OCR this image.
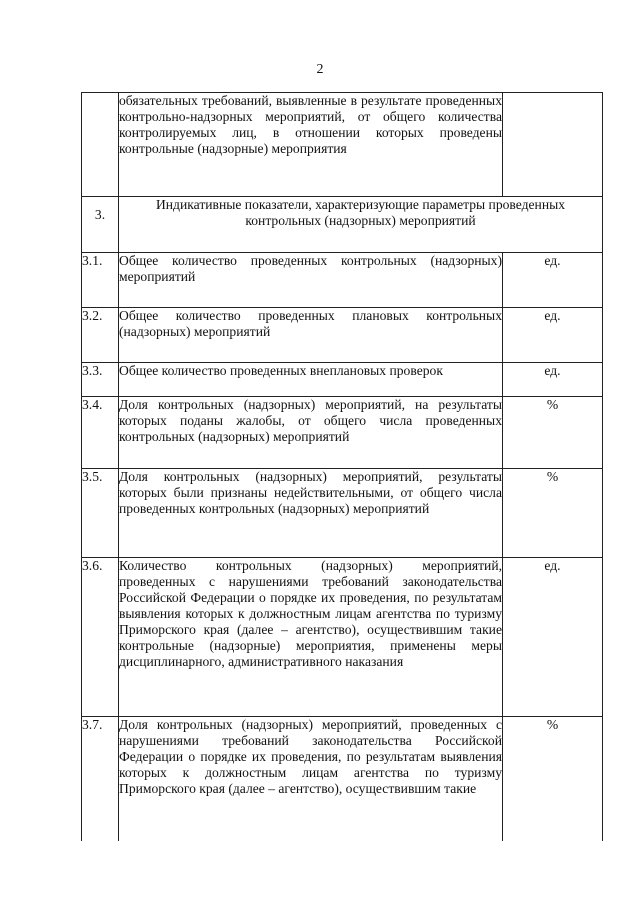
2
	обязательных требований, выявленные в результате проведенных контрольно-надзорных мероприятий, от общего количества контролируемых лиц, в отношении которых проведены контрольные (надзорные) мероприятия	
3.	Индикативные показатели, характеризующие параметры проведенных контрольных (надзорных) мероприятий	
3.1.	Общее количество проведенных контрольных (надзорных) мероприятий	ед.
3.2.	Общее количество проведенных плановых контрольных (надзорных) мероприятий	ед.
3.3.	Общее количество проведенных внеплановых проверок	ед.
3.4.	Доля контрольных (надзорных) мероприятий, на результаты которых поданы жалобы, от общего числа проведенных контрольных (надзорных) мероприятий	%
3.5.	Доля контрольных (надзорных) мероприятий, результаты которых были признаны недействительными, от общего числа проведенных контрольных (надзорных) мероприятий	%
3.6.	Количество контрольных (надзорных) мероприятий, проведенных с нарушениями требований законодательства Российской Федерации о порядке их проведения, по результатам выявления которых к должностным лицам агентства по туризму Приморского края (далее – агентство), осуществившим такие контрольные (надзорные) мероприятия, применены меры дисциплинарного, административного наказания	ед.
3.7.	Доля контрольных (надзорных) мероприятий, проведенных с нарушениями требований законодательства Российской Федерации о порядке их проведения, по результатам выявления которых к должностным лицам агентства по туризму Приморского края (далее – агентство), осуществившим такие	%
